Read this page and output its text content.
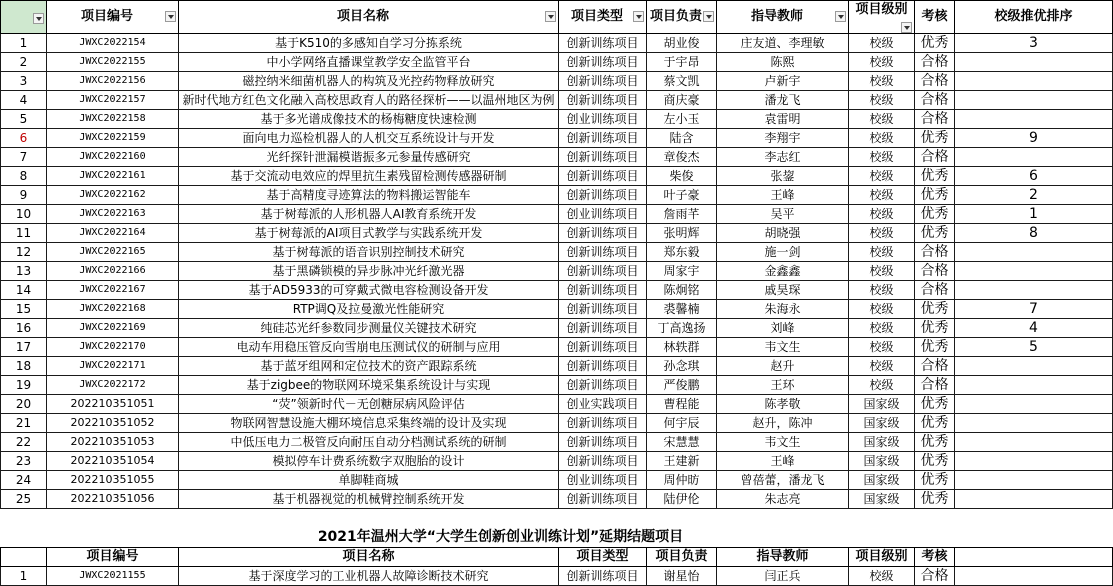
	项目编号	项目名称	项目类型	项目负责	指导教师	项目级别	考核	校级推优排序
1	JWXC2022154	基于K510的多感知自学习分拣系统	创新训练项目	胡业俊	庄友道、李理敏	校级	优秀	3
2	JWXC2022155	中小学网络直播课堂教学安全监管平台	创新训练项目	于宇昂	陈熙	校级	合格	
3	JWXC2022156	磁控纳米细菌机器人的构筑及光控药物释放研究	创新训练项目	蔡文凯	卢新宇	校级	合格	
4	JWXC2022157	新时代地方红色文化融入高校思政育人的路径探析——以温州地区为例	创新训练项目	商庆豪	潘龙飞	校级	合格	
5	JWXC2022158	基于多光谱成像技术的杨梅糖度快速检测	创业训练项目	左小玉	袁雷明	校级	合格	
6	JWXC2022159	面向电力巡检机器人的人机交互系统设计与开发	创新训练项目	陆含	李翔宇	校级	优秀	9
7	JWXC2022160	光纤探针泄漏模谐振多元参量传感研究	创新训练项目	章俊杰	李志红	校级	合格	
8	JWXC2022161	基于交流动电效应的焊里抗生素残留检测传感器研制	创新训练项目	柴俊	张鋆	校级	优秀	6
9	JWXC2022162	基于高精度寻迹算法的物料搬运智能车	创新训练项目	叶子豪	王峰	校级	优秀	2
10	JWXC2022163	基于树莓派的人形机器人AI教育系统开发	创业训练项目	詹雨芊	吴平	校级	优秀	1
11	JWXC2022164	基于树莓派的AI项目式教学与实践系统开发	创新训练项目	张明辉	胡晓强	校级	优秀	8
12	JWXC2022165	基于树莓派的语音识别控制技术研究	创新训练项目	郑东毅	施一剑	校级	合格	
13	JWXC2022166	基于黑磷锁模的异步脉冲光纤激光器	创新训练项目	周家宇	金鑫鑫	校级	合格	
14	JWXC2022167	基于AD5933的可穿戴式微电容检测设备开发	创新训练项目	陈炯铭	戚昊琛	校级	合格	
15	JWXC2022168	RTP调Q及拉曼激光性能研究	创新训练项目	裘馨楠	朱海永	校级	优秀	7
16	JWXC2022169	纯硅芯光纤参数同步测量仪关键技术研究	创新训练项目	丁高逸扬	刘峰	校级	优秀	4
17	JWXC2022170	电动车用稳压管反向雪崩电压测试仪的研制与应用	创新训练项目	林轶群	韦文生	校级	优秀	5
18	JWXC2022171	基于蓝牙组网和定位技术的资产跟踪系统	创新训练项目	孙念琪	赵升	校级	合格	
19	JWXC2022172	基于zigbee的物联网环境采集系统设计与实现	创新训练项目	严俊鹏	王环	校级	合格	
20	202210351051	“荧”领新时代－无创糖尿病风险评估	创业实践项目	曹程能	陈孝敬	国家级	优秀	
21	202210351052	物联网智慧设施大棚环境信息采集终端的设计及实现	创新训练项目	何宇辰	赵升，陈冲	国家级	优秀	
22	202210351053	中低压电力二极管反向耐压自动分档测试系统的研制	创新训练项目	宋慧慧	韦文生	国家级	优秀	
23	202210351054	模拟停车计费系统数字双胞胎的设计	创新训练项目	王建新	王峰	国家级	优秀	
24	202210351055	单脚鞋商城	创业训练项目	周仲昉	曾蓓蕾，潘龙飞	国家级	优秀	
25	202210351056	基于机器视觉的机械臂控制系统开发	创新训练项目	陆伊伦	朱志亮	国家级	优秀	

	2021年温州大学“大学生创新创业训练计划”延期结题项目							
	项目编号	项目名称	项目类型	项目负责	指导教师	项目级别	考核	
1	JWXC2021155	基于深度学习的工业机器人故障诊断技术研究	创新训练项目	谢星怡	闫正兵	校级	合格	
